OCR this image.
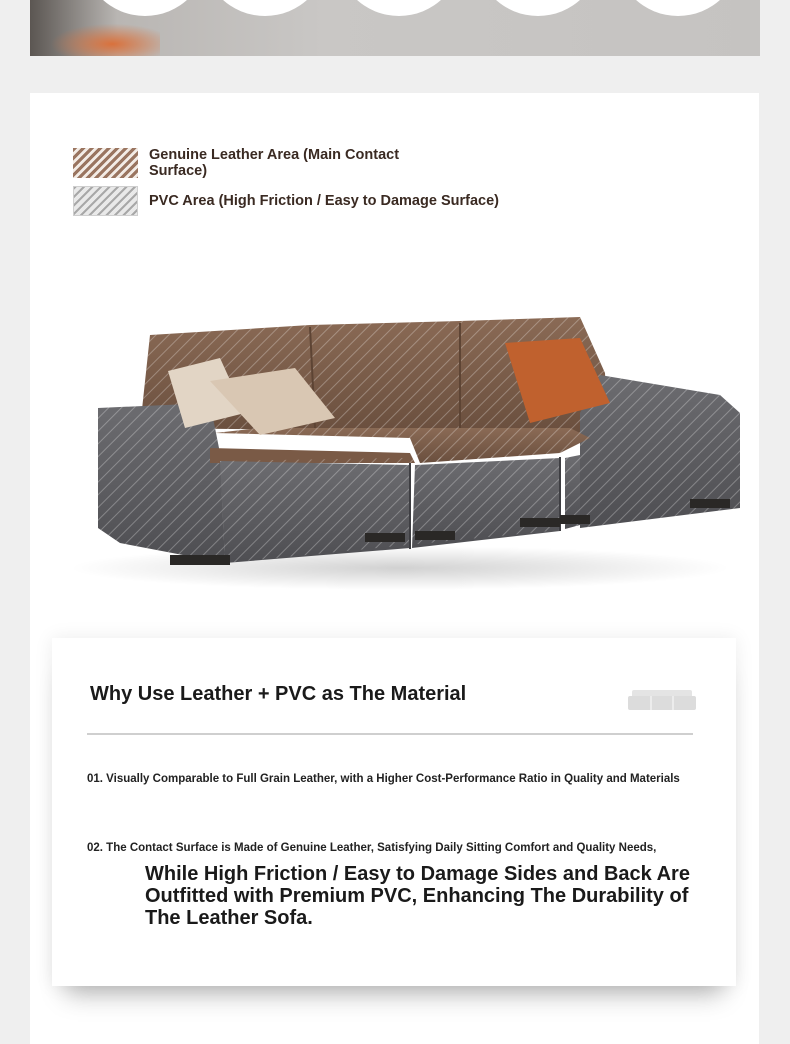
Genuine Leather Area (Main Contact Surface)
PVC Area (High Friction / Easy to Damage Surface)
Why Use Leather + PVC as The Material
01. Visually Comparable to Full Grain Leather, with a Higher Cost-Performance Ratio in Quality and Materials
02. The Contact Surface is Made of Genuine Leather, Satisfying Daily Sitting Comfort and Quality Needs,
While High Friction / Easy to Damage Sides and Back Are Outfitted with Premium PVC, Enhancing The Durability of The Leather Sofa.
